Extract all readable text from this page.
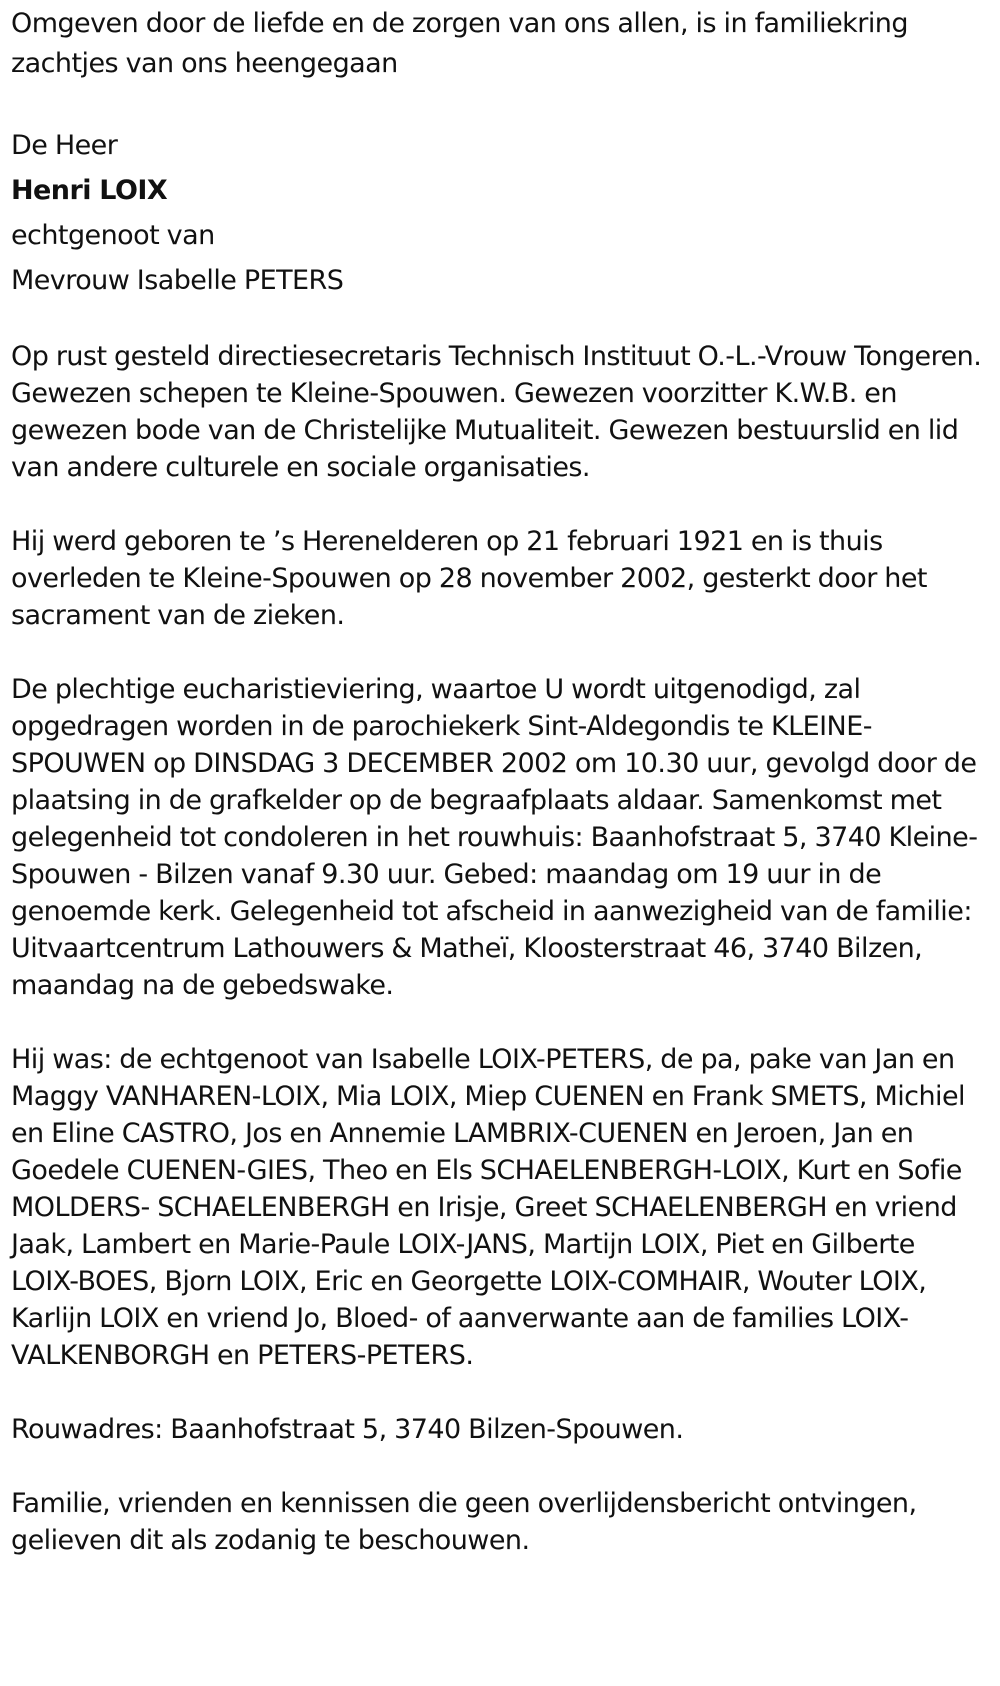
Omgeven door de liefde en de zorgen van ons allen, is in familiekring zachtjes van ons heengegaan

De Heer

Henri LOIX

echtgenoot van

Mevrouw Isabelle PETERS

Op rust gesteld directiesecretaris Technisch Instituut O.-L.-Vrouw Tongeren. Gewezen schepen te Kleine-Spouwen. Gewezen voorzitter K.W.B. en gewezen bode van de Christelijke Mutualiteit. Gewezen bestuurslid en lid van andere culturele en sociale organisaties.

Hij werd geboren te ’s Herenelderen op 21 februari 1921 en is thuis overleden te Kleine-Spouwen op 28 november 2002, gesterkt door het sacrament van de zieken.

De plechtige eucharistieviering, waartoe U wordt uitgenodigd, zal opgedragen worden in de parochiekerk Sint-Aldegondis te KLEINE-SPOUWEN op DINSDAG 3 DECEMBER 2002 om 10.30 uur, gevolgd door de plaatsing in de grafkelder op de begraafplaats aldaar. Samenkomst met gelegenheid tot condoleren in het rouwhuis: Baanhofstraat 5, 3740 Kleine-Spouwen - Bilzen vanaf 9.30 uur. Gebed: maandag om 19 uur in de genoemde kerk. Gelegenheid tot afscheid in aanwezigheid van de familie: Uitvaartcentrum Lathouwers & Matheï, Kloosterstraat 46, 3740 Bilzen, maandag na de gebedswake.

Hij was: de echtgenoot van Isabelle LOIX-PETERS, de pa, pake van Jan en Maggy VANHAREN-LOIX, Mia LOIX, Miep CUENEN en Frank SMETS, Michiel en Eline CASTRO, Jos en Annemie LAMBRIX-CUENEN en Jeroen, Jan en Goedele CUENEN-GIES, Theo en Els SCHAELENBERGH-LOIX, Kurt en Sofie MOLDERS- SCHAELENBERGH en Irisje, Greet SCHAELENBERGH en vriend Jaak, Lambert en Marie-Paule LOIX-JANS, Martijn LOIX, Piet en Gilberte LOIX-BOES, Bjorn LOIX, Eric en Georgette LOIX-COMHAIR, Wouter LOIX, Karlijn LOIX en vriend Jo, Bloed- of aanverwante aan de families LOIX-VALKENBORGH en PETERS-PETERS.

Rouwadres: Baanhofstraat 5, 3740 Bilzen-Spouwen.

Familie, vrienden en kennissen die geen overlijdensbericht ontvingen, gelieven dit als zodanig te beschouwen.
